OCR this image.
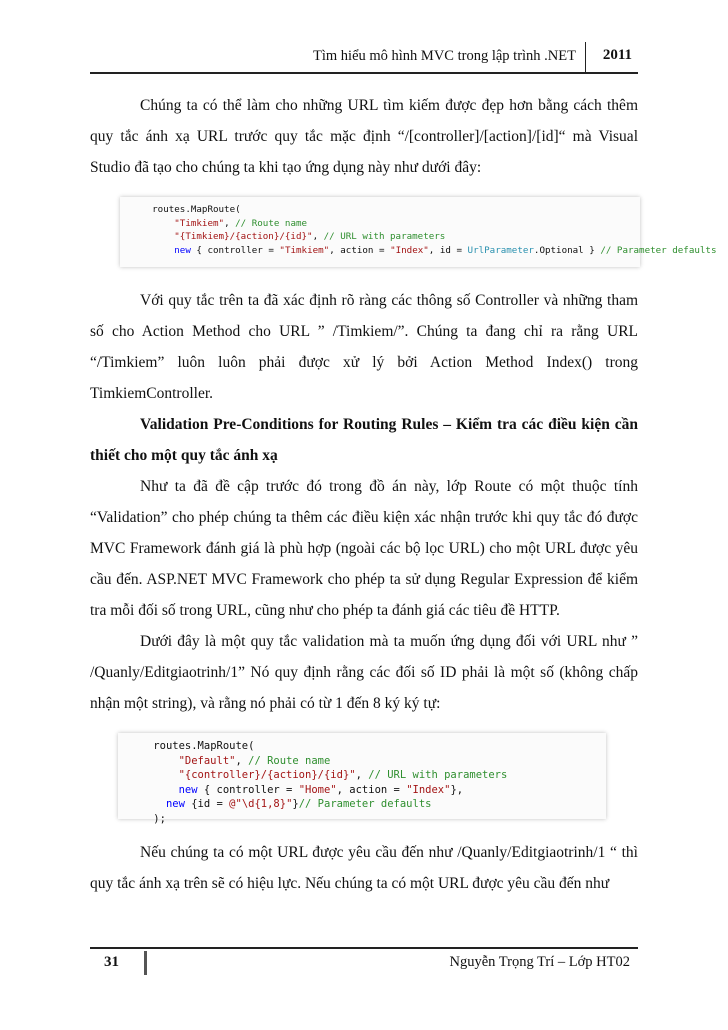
Tìm hiểu mô hình MVC trong lập trình .NET 2011

Chúng ta có thể làm cho những URL tìm kiếm được đẹp hơn bằng cách thêm quy tắc ánh xạ URL trước quy tắc mặc định “/[controller]/[action]/[id]“ mà Visual Studio đã tạo cho chúng ta khi tạo ứng dụng này như dưới đây:

routes.MapRoute(
"Timkiem", // Route name
"{Timkiem}/{action}/{id}", // URL with parameters
new { controller = "Timkiem", action = "Index", id = UrlParameter.Optional } // Parameter defaults

Với quy tắc trên ta đã xác định rõ ràng các thông số Controller và những tham số cho Action Method cho URL ” /Timkiem/”. Chúng ta đang chỉ ra rằng URL “/Timkiem” luôn luôn phải được xử lý bởi Action Method Index() trong TimkiemController.

Validation Pre-Conditions for Routing Rules – Kiểm tra các điều kiện cần thiết cho một quy tắc ánh xạ

Như ta đã đề cập trước đó trong đồ án này, lớp Route có một thuộc tính “Validation” cho phép chúng ta thêm các điều kiện xác nhận trước khi quy tắc đó được MVC Framework đánh giá là phù hợp (ngoài các bộ lọc URL) cho một URL được yêu cầu đến. ASP.NET MVC Framework cho phép ta sử dụng Regular Expression để kiểm tra mỗi đối số trong URL, cũng như cho phép ta đánh giá các tiêu đề HTTP.

Dưới đây là một quy tắc validation mà ta muốn ứng dụng đối với URL như ” /Quanly/Editgiaotrinh/1” Nó quy định rằng các đối số ID phải là một số (không chấp nhận một string), và rằng nó phải có từ 1 đến 8 ký ký tự:

routes.MapRoute(
"Default", // Route name
"{controller}/{action}/{id}", // URL with parameters
new { controller = "Home", action = "Index"},
new {id = @"\d{1,8}"}// Parameter defaults
);

Nếu chúng ta có một URL được yêu cầu đến như /Quanly/Editgiaotrinh/1 “ thì quy tắc ánh xạ trên sẽ có hiệu lực. Nếu chúng ta có một URL được yêu cầu đến như

31	Nguyễn Trọng Trí – Lớp HT02
